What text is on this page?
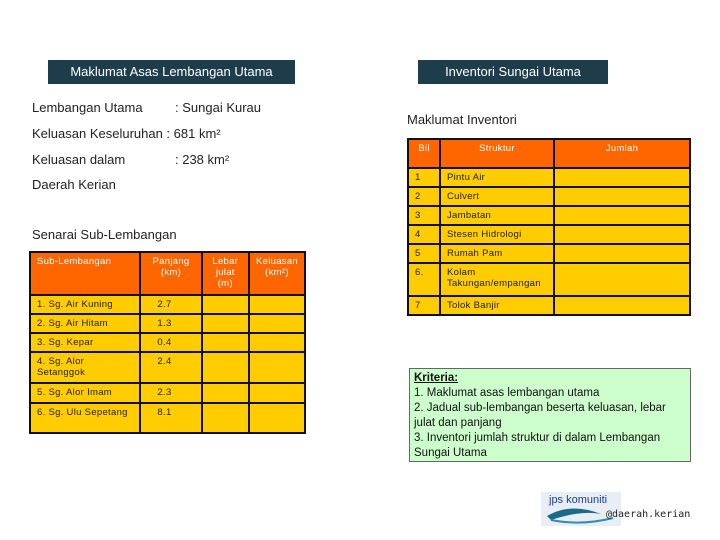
Maklumat Asas Lembangan Utama	Inventori Sungai Utama
Lembangan Utama : Sungai Kurau
Keluasan Keseluruhan : 681 km²
Keluasan dalam	: 238 km²
Daerah Kerian
Senarai Sub-Lembangan
Maklumat Inventori
Sub-Lembangan	Panjang (km)	Lebar julat (m)	Keluasan (km²)
1. Sg. Air Kuning	2.7		
2. Sg. Air Hitam	1.3		
3. Sg. Kepar	0.4		
4. Sg. Alor Setanggok	2.4		
5. Sg. Alor Imam	2.3		
6. Sg. Ulu Sepetang	8.1		
Bil	Struktur	Jumlah
1	Pintu Air	
2	Culvert	
3	Jambatan	
4	Stesen Hidrologi	
5	Rumah Pam	
6.	Kolam Takungan/empangan	
7	Tolok Banjir	
Kriteria:
1. Maklumat asas lembangan utama
2. Jadual sub-lembangan beserta keluasan, lebar julat dan panjang
3. Inventori jumlah struktur di dalam Lembangan Sungai Utama
jps komuniti
@daerah.kerian
